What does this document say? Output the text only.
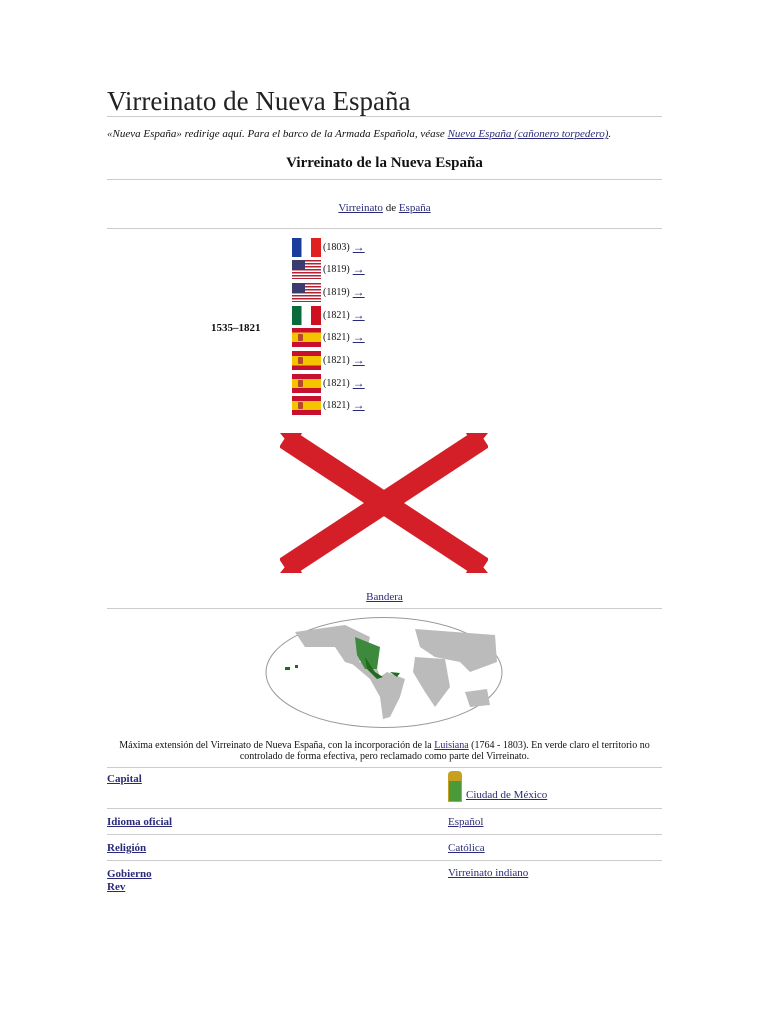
Virreinato de Nueva España
«Nueva España» redirige aquí. Para el barco de la Armada Española, véase Nueva España (cañonero torpedero).
Virreinato de la Nueva España
Virreinato de España
1535–1821
(1803) →
(1819) →
(1819) →
(1821) →
(1821) →
(1821) →
(1821) →
(1821) →
Bandera
Máxima extensión del Virreinato de Nueva España, con la incorporación de la Luisiana (1764 - 1803). En verde claro el territorio no controlado de forma efectiva, pero reclamado como parte del Virreinato.
Capital
Ciudad de México
Idioma oficial	Español
Religión	Católica
Gobierno
Rev
Virreinato indiano
